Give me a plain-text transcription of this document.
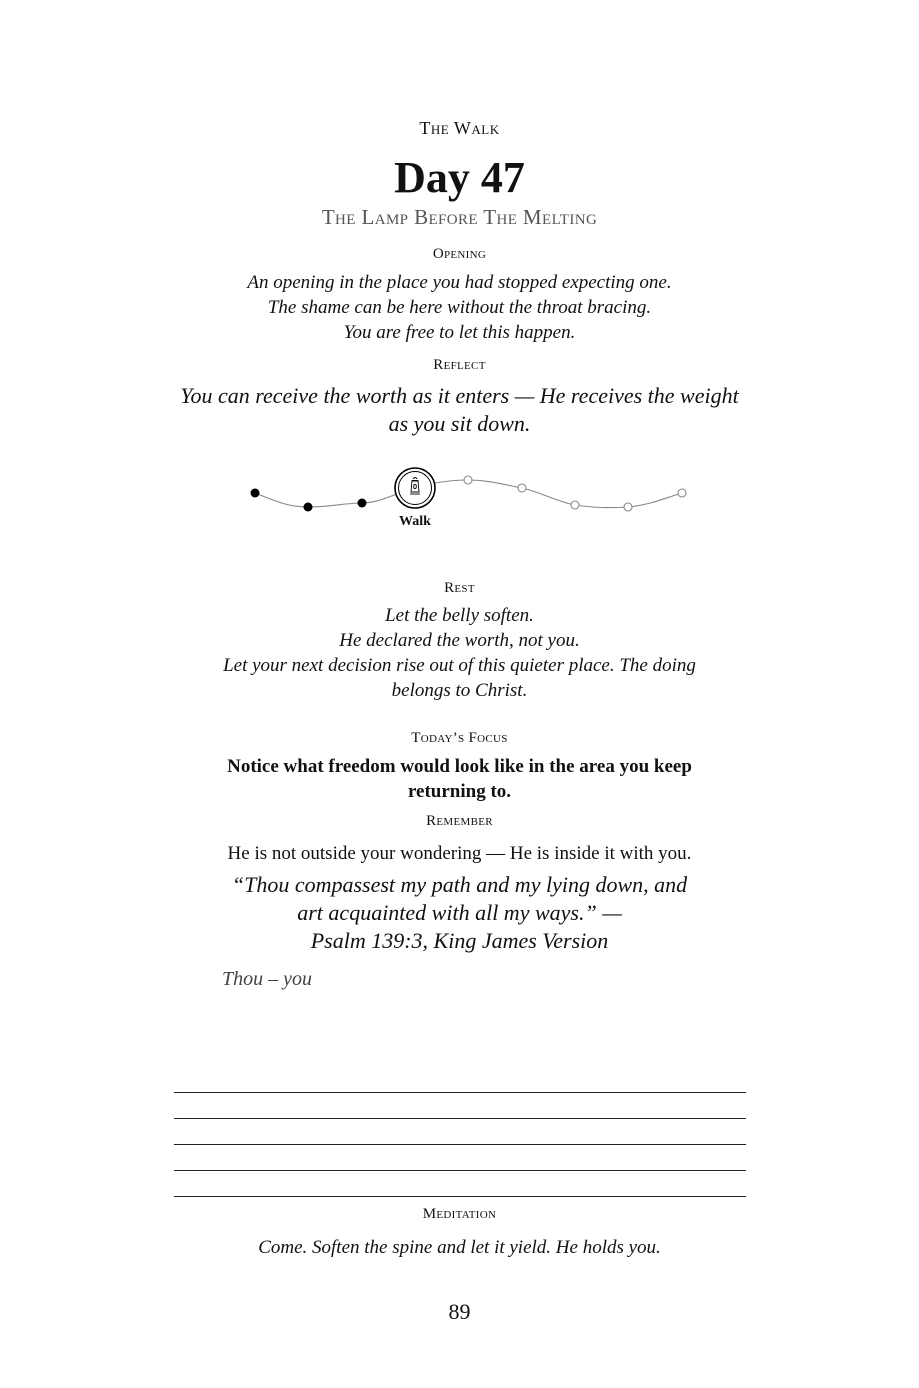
The Walk
Day 47
The Lamp Before The Melting
Opening
An opening in the place you had stopped expecting one.
The shame can be here without the throat bracing.
You are free to let this happen.
Reflect
You can receive the worth as it enters — He receives the weight
as you sit down.
Walk
Rest
Let the belly soften.
He declared the worth, not you.
Let your next decision rise out of this quieter place. The doing
belongs to Christ.
Today’s Focus
Notice what freedom would look like in the area you keep
returning to.
Remember
He is not outside your wondering — He is inside it with you.
“Thou compassest my path and my lying down, and
art acquainted with all my ways.” —
Psalm 139:3, King James Version
Thou – you
Meditation
Come. Soften the spine and let it yield. He holds you.
89
